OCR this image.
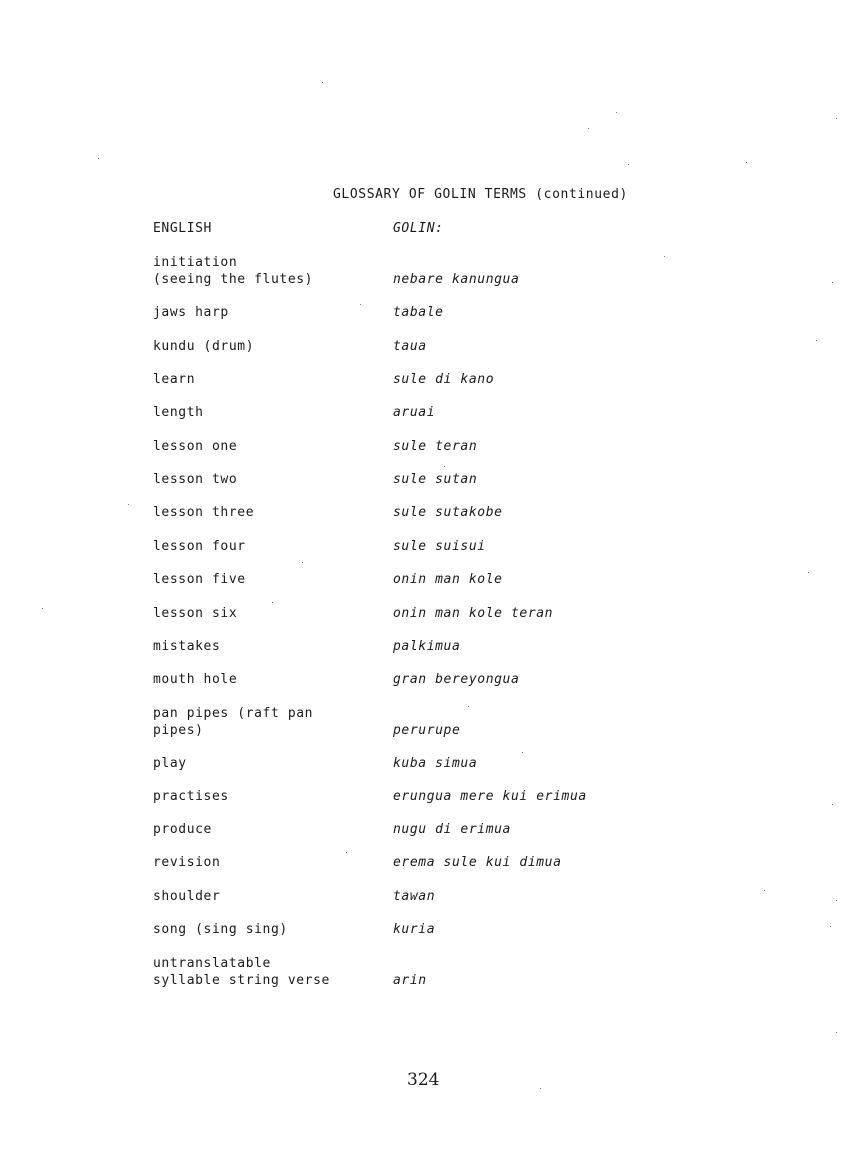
GLOSSARY OF GOLIN TERMS (continued)
ENGLISH	GOLIN:
initiation
(seeing the flutes)	nebare kanungua
jaws harp	tabale
kundu (drum)	taua
learn	sule di kano
length	aruai
lesson one	sule teran
lesson two	sule sutan
lesson three	sule sutakobe
lesson four	sule suisui
lesson five	onin man kole
lesson six	onin man kole teran
mistakes	palkimua
mouth hole	gran bereyongua
pan pipes (raft pan
pipes)	perurupe
play	kuba simua
practises	erungua mere kui erimua
produce	nugu di erimua
revision	erema sule kui dimua
shoulder	tawan
song (sing sing)	kuria
untranslatable
syllable string verse	arin
324
